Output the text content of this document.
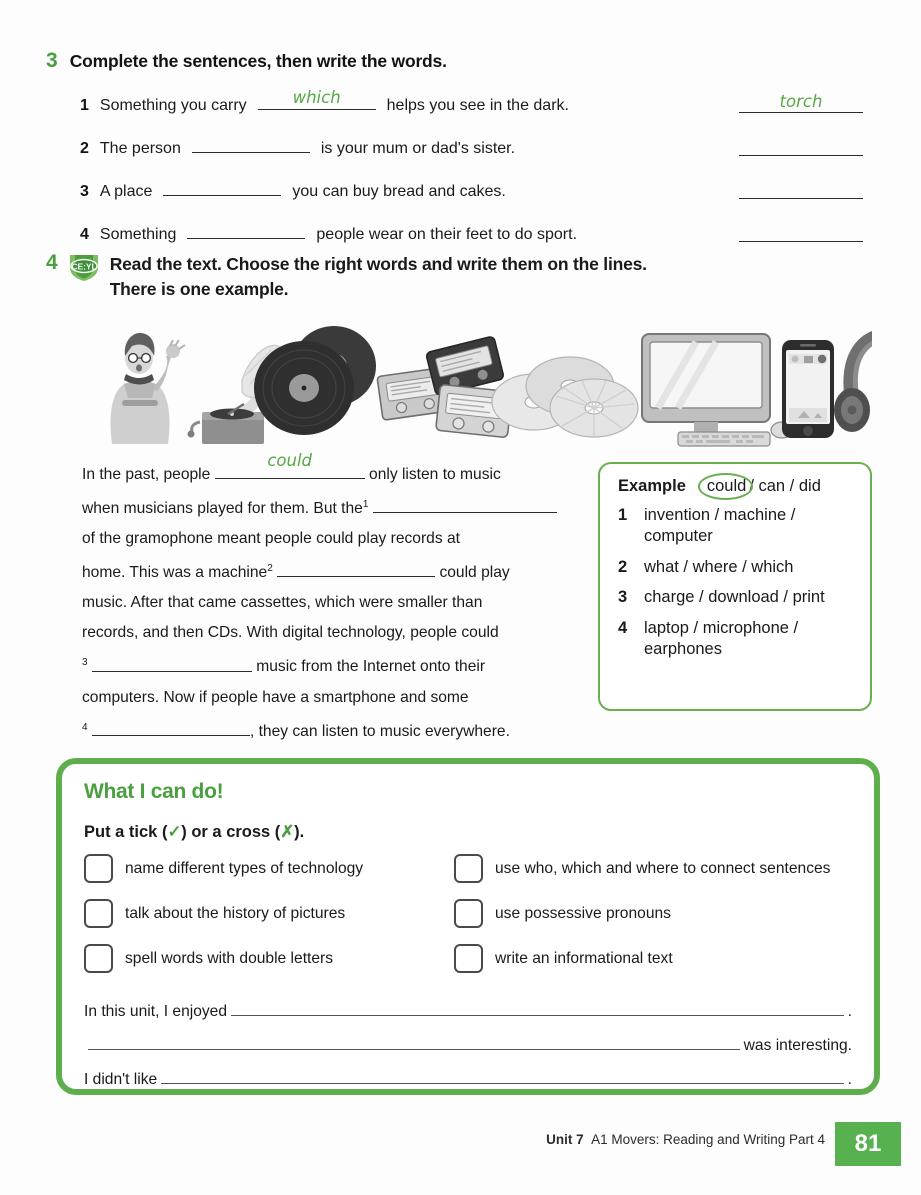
3 Complete the sentences, then write the words.
1 Something you carry	which	helps you see in the dark.	torch
2 The person	is your mum or dad's sister.
3 A place	you can buy bread and cakes.
4 Something	people wear on their feet to do sport.
4 CE:YL Read the text. Choose the right words and write them on the lines.
There is one example.
In the past, people
could
only listen to music
when musicians played for them. But the$^1$
of the gramophone meant people could play records at
home. This was a machine$^2$	could play
music. After that came cassettes, which were smaller than
records, and then CDs. With digital technology, people could
$^3$	music from the Internet onto their
computers. Now if people have a smartphone and some
$^4$	, they can listen to music everywhere.
Example could / can / did
1 invention / machine / computer
2 what / where / which
3 charge / download / print
4 laptop / microphone / earphones
What I can do!
Put a tick (✓) or a cross (✗).
name different types of technology	use who, which and where to connect sentences
talk about the history of pictures	use possessive pronouns
spell words with double letters	write an informational text
In this unit, I enjoyed	.
was interesting.
I didn't like	.
Unit 7 A1 Movers: Reading and Writing Part 4	81
